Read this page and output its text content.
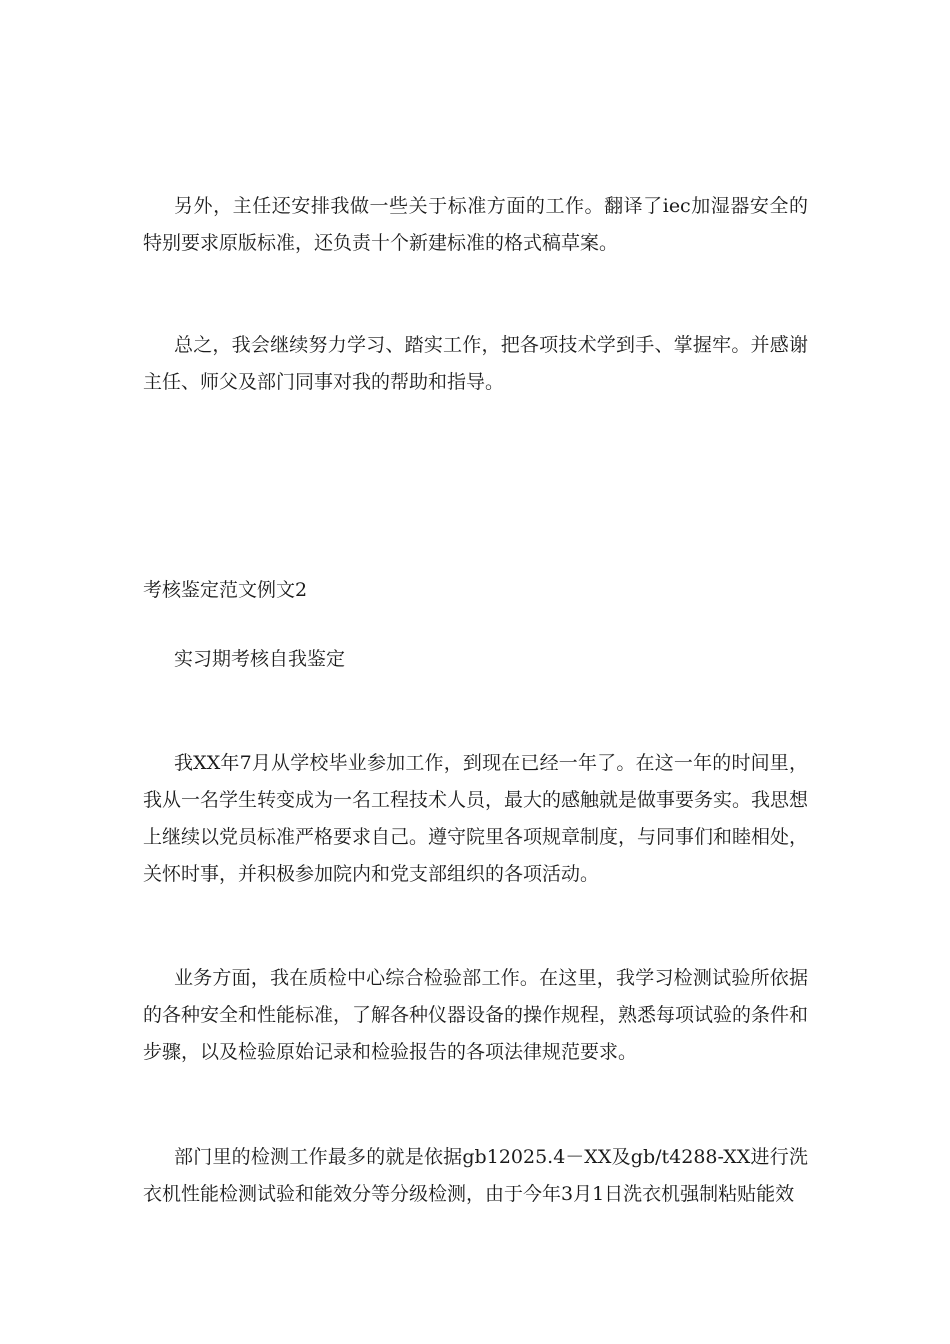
另外，主任还安排我做一些关于标准方面的工作。翻译了iec加湿器安全的特别要求原版标准，还负责十个新建标准的格式稿草案。

总之，我会继续努力学习、踏实工作，把各项技术学到手、掌握牢。并感谢主任、师父及部门同事对我的帮助和指导。

考核鉴定范文例文2

实习期考核自我鉴定

我XX年7月从学校毕业参加工作，到现在已经一年了。在这一年的时间里，我从一名学生转变成为一名工程技术人员，最大的感触就是做事要务实。我思想上继续以党员标准严格要求自己。遵守院里各项规章制度，与同事们和睦相处，关怀时事，并积极参加院内和党支部组织的各项活动。

业务方面，我在质检中心综合检验部工作。在这里，我学习检测试验所依据的各种安全和性能标准，了解各种仪器设备的操作规程，熟悉每项试验的条件和步骤，以及检验原始记录和检验报告的各项法律规范要求。

部门里的检测工作最多的就是依据gb12025.4－XX及gb/t4288-XX进行洗衣机性能检测试验和能效分等分级检测，由于今年3月1日洗衣机强制粘贴能效
